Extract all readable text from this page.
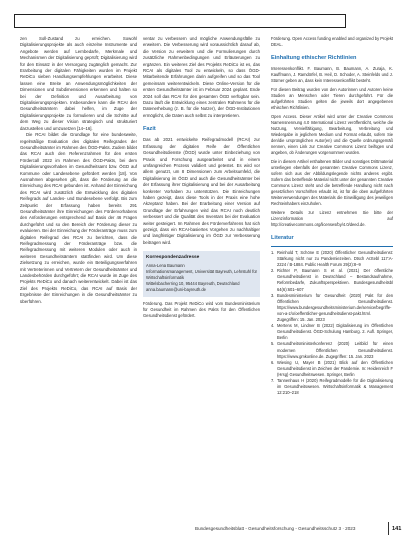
zen Soll-Zustand zu erreichen. Sowohl Digitalisierungsprojekte als auch einzelne Instrumente und Angebote werden auf Lernbedarfe, Merkmale und Mechanismen der Digitalisierung geprüft; Digitalisierung wird für den Einsatz in der Versorgung zugänglich gemacht. Zur Erarbeitung der digitalen Fähigkeiten wurden im Projekt ReDiCo sieben Handlungsempfehlungen erarbeitet. Diese lassen eine Breite an Anwendungsmöglichkeiten der Dimensionen und Subdimensionen erkennen und halten so bei der Definition und Ausarbeitung von Digitalisierungsprojekten. Insbesondere kann die RCAI den Gesundheitsämtern dabei helfen, im Zuge der Digitalisierungsprojekte zu formulieren und die Schritte auf dem Weg zu dieser Vision strategisch und strukturiert darzustellen und umzusetzen [14–16].

Die RCAI bildet die Grundlage für eine bundesweite, regelmäßige Evaluation des digitalen Reifegrades der Gesundheitsämter im Rahmen des ÖGD-Pakts. Zudem bildet das RCAI auch den Referenzrahmen für den ersten Fördercall 2022 im Rahmen des ÖGD-Pakts, bei dem Digitalisierungsvorhaben im Gesundheitsamt bzw. ÖGD auf Kommune oder Landesebene gefördert werden [18]. Von Ausnahmen abgesehen gilt, dass die Förderung an die Einreichung des RCAI gebunden ist. Anhand der Einreichung des RCAI wird zusätzlich die Entwicklung des digitalen Reifegrads auf Landes- und Bundesebene verfolgt. Bis zum Zeitpunkt der Erfassung haben bereits 291 Gesundheitsämter ihre Einreichungen des Fördervorhabens den Anforderungen entsprechend auf Basis der 46 Fragen durchgeführt und so den Bereich der Förderung dieser zu evaluieren. Bei der Einreichung der Förderanträge muss zum digitalen Reifegrad des RCAI zu berichten, dass die Reifegradmessung der Förderanträge bzw. die Reifegradmessung mit weiteren Modulen oder auch in weiteren Gesundheitsämtern stattfinden wird. Um diese Zielsetzung zu erreichen, wurde ein Beteiligungsverfahren mit Vertreterinnen und Vertretern der Gesundheitsämter und Landesbehörden durchgeführt; die RCAI wurde im Zuge des Projekts ReDiCo und danach weiterentwickelt. Dabei ist das Ziel des Projekts ReDiCo, das RCAI auf Basis der Ergebnisse der Einreichungen in die Gesundheitsämter zu überführen.

ventar zu verbessern und mögliche Anwendungsfälle zu erweitern. Die Verbesserung wird voraussichtlich darauf ab, die Version zu erweitern und die Formulierungen durch zusätzliche Rahmenbedingungen und Erläuterungen zu ergänzen. Ein weiteres Ziel des Projekts ReDiCo ist es, das RCAI als digitales Tool zu entwickeln, so dass ÖGD-Mitarbeitende Erfahrungen darin aufgreifen und so das Tool gemeinsam weiterentwickeln. Diese Online-Version für die ersten Gesundheitsämter ist im Februar 2024 geplant. Ende 2024 soll das RCAI für den gesamten ÖGD verfügbar sein. Dazu läuft die Entwicklung eines zentralen Rahmens für die Datenerhebung (z. B. für die Nutzer), der ÖGD-Institutionen ermöglicht, die Daten auch selbst zu interpretieren.

Fazit

Das ab 2021 entwickelte Reifegradmodell (RCAI) zur Erfassung der digitalen Reife der Öffentlichen Gesundheitsdienste (ÖGD) wurde unter Einbeziehung von Praxis und Forschung ausgearbeitet und in einem umfangreichen Prozess validiert und getestet. Es wird vor allem genutzt, um 8 Dimensionen zum Arbeitsumfeld, die Digitalisierung im ÖGD und auch die Gesundheitsämter bei der Erfassung ihrer Digitalisierung und bei der Ausarbeitung konkreter Vorhaben zu unterstützen. Die Einreichungen haben gezeigt, dass diese Tools in der Praxis eine hohe Akzeptanz haben. Bei der Erarbeitung einer Version auf Grundlage der Erfahrungen wird das RCAI noch deutlich verbessert und die Qualität des Inventars bei der Evaluation weiter gesteigert. Im Rahmen des Förderverfahrens hat sich gezeigt, dass ein RCAI-basiertes Vorgehen zu nachhaltiger und langfristiger Digitalisierung im ÖGD zur Verbesserung beitragen wird.

Korrespondenzadresse

Anna-Lena Baumann

Informationsmanagement, Universität Bayreuth, Lehrstuhl für Wirtschaftsinformatik

Wittelsbacherring 10, 95444 Bayreuth, Deutschland

anna.baumann@uni-bayreuth.de

Förderung. Das Projekt ReDiCo wird vom Bundesministerium für Gesundheit im Rahmen des Pakts für den Öffentlichen Gesundheitsdienst gefördert.

Förderung. Open Access funding enabled and organized by Projekt DEAL.

Einhaltung ethischer Richtlinien

Interessenkonflikt. F. Baumann, B. Baumann, A. Zuraja, K. Kauffmann, J. Ramdörfel, B. Heil, D. Schoder, A. Steinfelds und J. Stürner geben an, dass kein Interessenkonflikt besteht.

Für diesen Beitrag wurden von den Autorinnen und Autoren keine Studien an Menschen oder Tieren durchgeführt. Für die aufgeführten Studien gelten die jeweils dort angegebenen ethischen Richtlinien.

Open Access. Dieser Artikel wird unter der Creative Commons Namensnennung 4.0 International Lizenz veröffentlicht, welche die Nutzung, Vervielfältigung, Bearbeitung, Verbreitung und Wiedergabe in jeglichem Medium und Format erlaubt, sofern Sie den/die ursprünglichen Autor(en) und die Quelle ordnungsgemäß nennen, einen Link zur Creative Commons Lizenz beifügen und angeben, ob Änderungen vorgenommen wurden.

Die in diesem Artikel enthaltenen Bilder und sonstiges Drittmaterial unterliegen ebenfalls der genannten Creative Commons Lizenz, sofern sich aus der Abbildungslegende nichts anderes ergibt. Sofern das betreffende Material nicht unter der genannten Creative Commons Lizenz steht und die betreffende Handlung nicht nach gesetzlichen Vorschriften erlaubt ist, ist für die oben aufgeführten Weiterverwendungen des Materials die Einwilligung des jeweiligen Rechteinhabers einzuholen.

Weitere Details zur Lizenz entnehmen Sie bitte der Lizenzinformation auf http://creativecommons.org/licenses/by/4.0/deed.de.

Literatur
1. Reinhold T, Schöne E (2020) Öffentlicher Gesundheitsdienst: Stärkung nicht nur zu Pandemiezeiten. Dtsch Arztebl 117:A-2224 / B-1884. Public Health Forum 29(2):8–9
2. Richter P, Baumann S et al. (2021) Der öffentliche Gesundheitsdienst in Deutschland – Bestandsaufnahme, Reformbedarfe, Zukunftsperspektiven. Bundesgesundheitsbl 64(6):601–607
3. Bundesministerium für Gesundheit (2020) Pakt für den Öffentlichen Gesundheitsdienst. https://www.bundesgesundheitsministerium.de/service/begriffe-von-a-z/o/oeffentlicher-gesundheitsdienst-pakt.html. Zugegriffen: 15. Jan. 2023
4. Mertens M, Lindner B (2022) Digitalisierung im Öffentlichen Gesundheitsdienst. ÖGD-Schulung Hamburg. 2. Aufl. Springer, Berlin
5. Gesundheitsministerkonferenz (2020) Leitbild für einen modernen Öffentlichen Gesundheitsdienst. https://www.gmkonline.de. Zugegriffen: 15. Jan. 2023
6. Wiesing U, Mayer B (2021) Blick auf den Öffentlichen Gesundheitsdienst im Zeichen der Pandemie. In: Heidenreich F (Hrsg) Gesundheitswesen. Springer, Berlin
7. Tannenhaus H (2020) Reifegradmodelle für die Digitalisierung im Gesundheitswesen. Wirtschaftsinformatik & Management 12:210–218
Bundesgesundheitsblatt - Gesundheitsforschung - Gesundheitsschutz 3 · 2023	141
